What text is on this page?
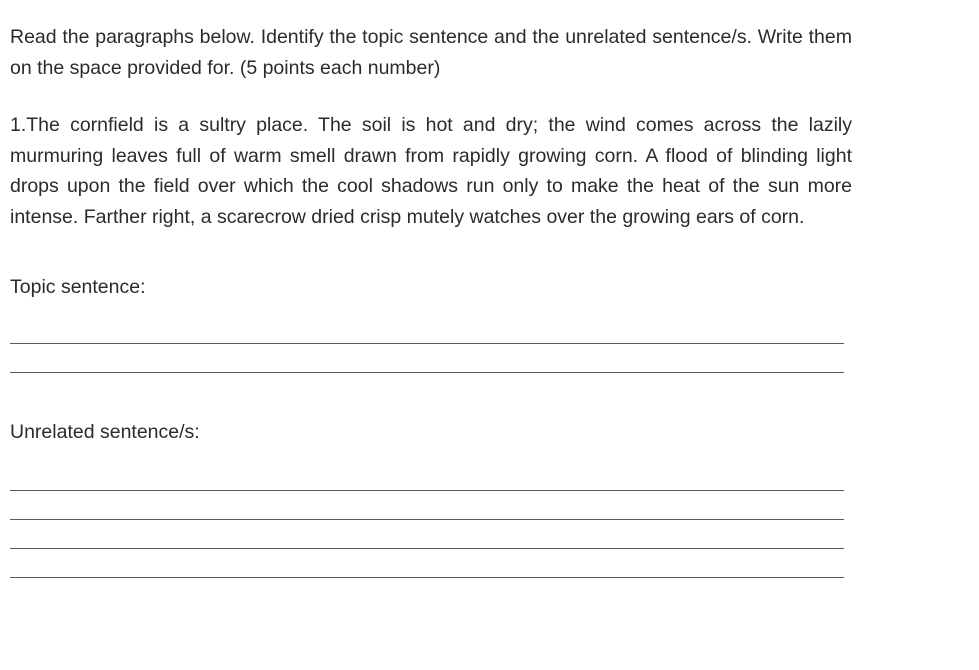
Read the paragraphs below. Identify the topic sentence and the unrelated sentence/s. Write them on the space provided for. (5 points each number)

1.The cornfield is a sultry place. The soil is hot and dry; the wind comes across the lazily murmuring leaves full of warm smell drawn from rapidly growing corn. A flood of blinding light drops upon the field over which the cool shadows run only to make the heat of the sun more intense. Farther right, a scarecrow dried crisp mutely watches over the growing ears of corn.

Topic sentence:

Unrelated sentence/s:
